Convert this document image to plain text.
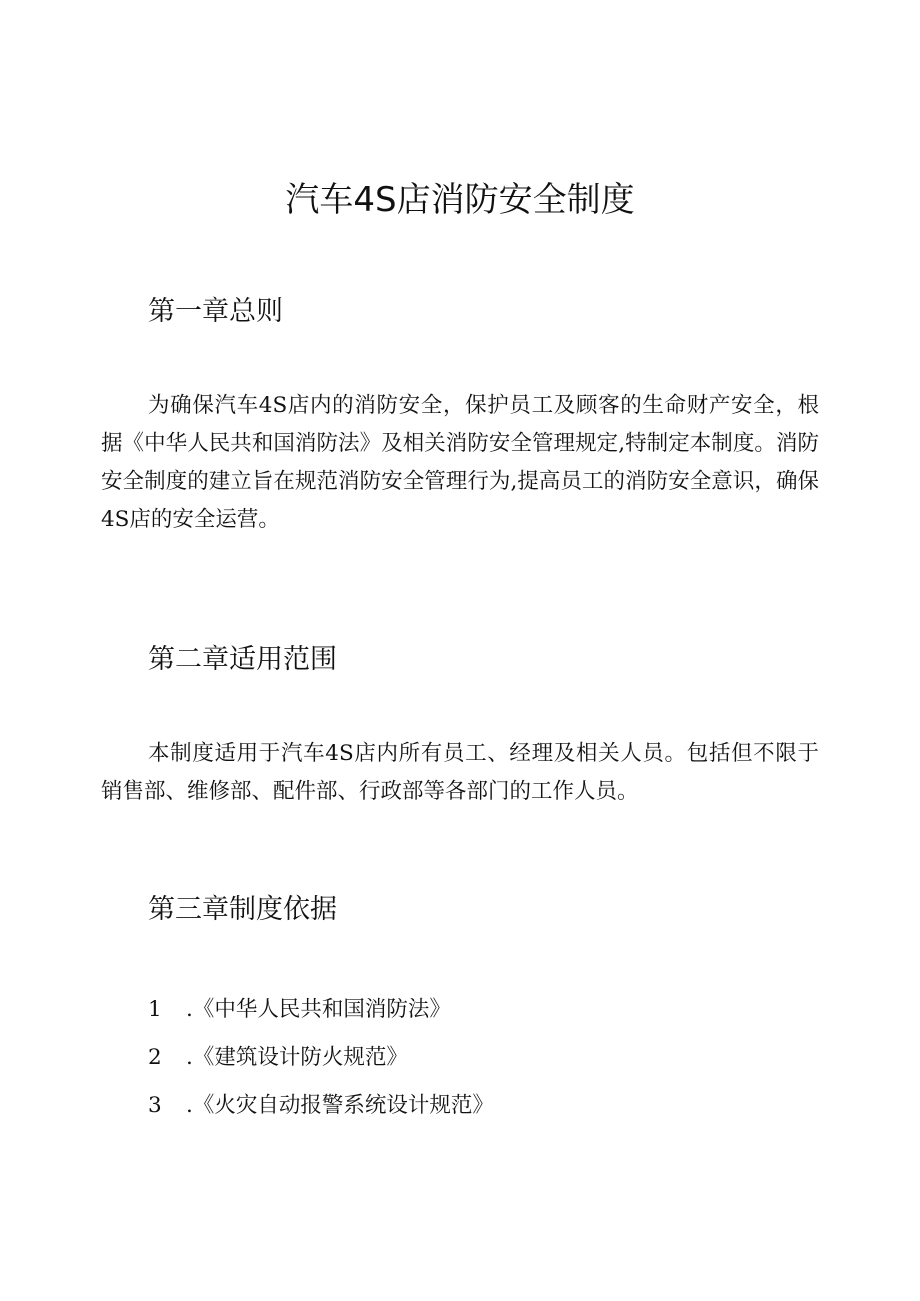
汽车4S店消防安全制度
第一章总则

为确保汽车4S店内的消防安全，保护员工及顾客的生命财产安全，根据《中华人民共和国消防法》及相关消防安全管理规定,特制定本制度。消防安全制度的建立旨在规范消防安全管理行为,提高员工的消防安全意识，确保4S店的安全运营。

第二章适用范围

本制度适用于汽车4S店内所有员工、经理及相关人员。包括但不限于销售部、维修部、配件部、行政部等各部门的工作人员。

第三章制度依据
1 .《中华人民共和国消防法》
2 .《建筑设计防火规范》
3 .《火灾自动报警系统设计规范》
